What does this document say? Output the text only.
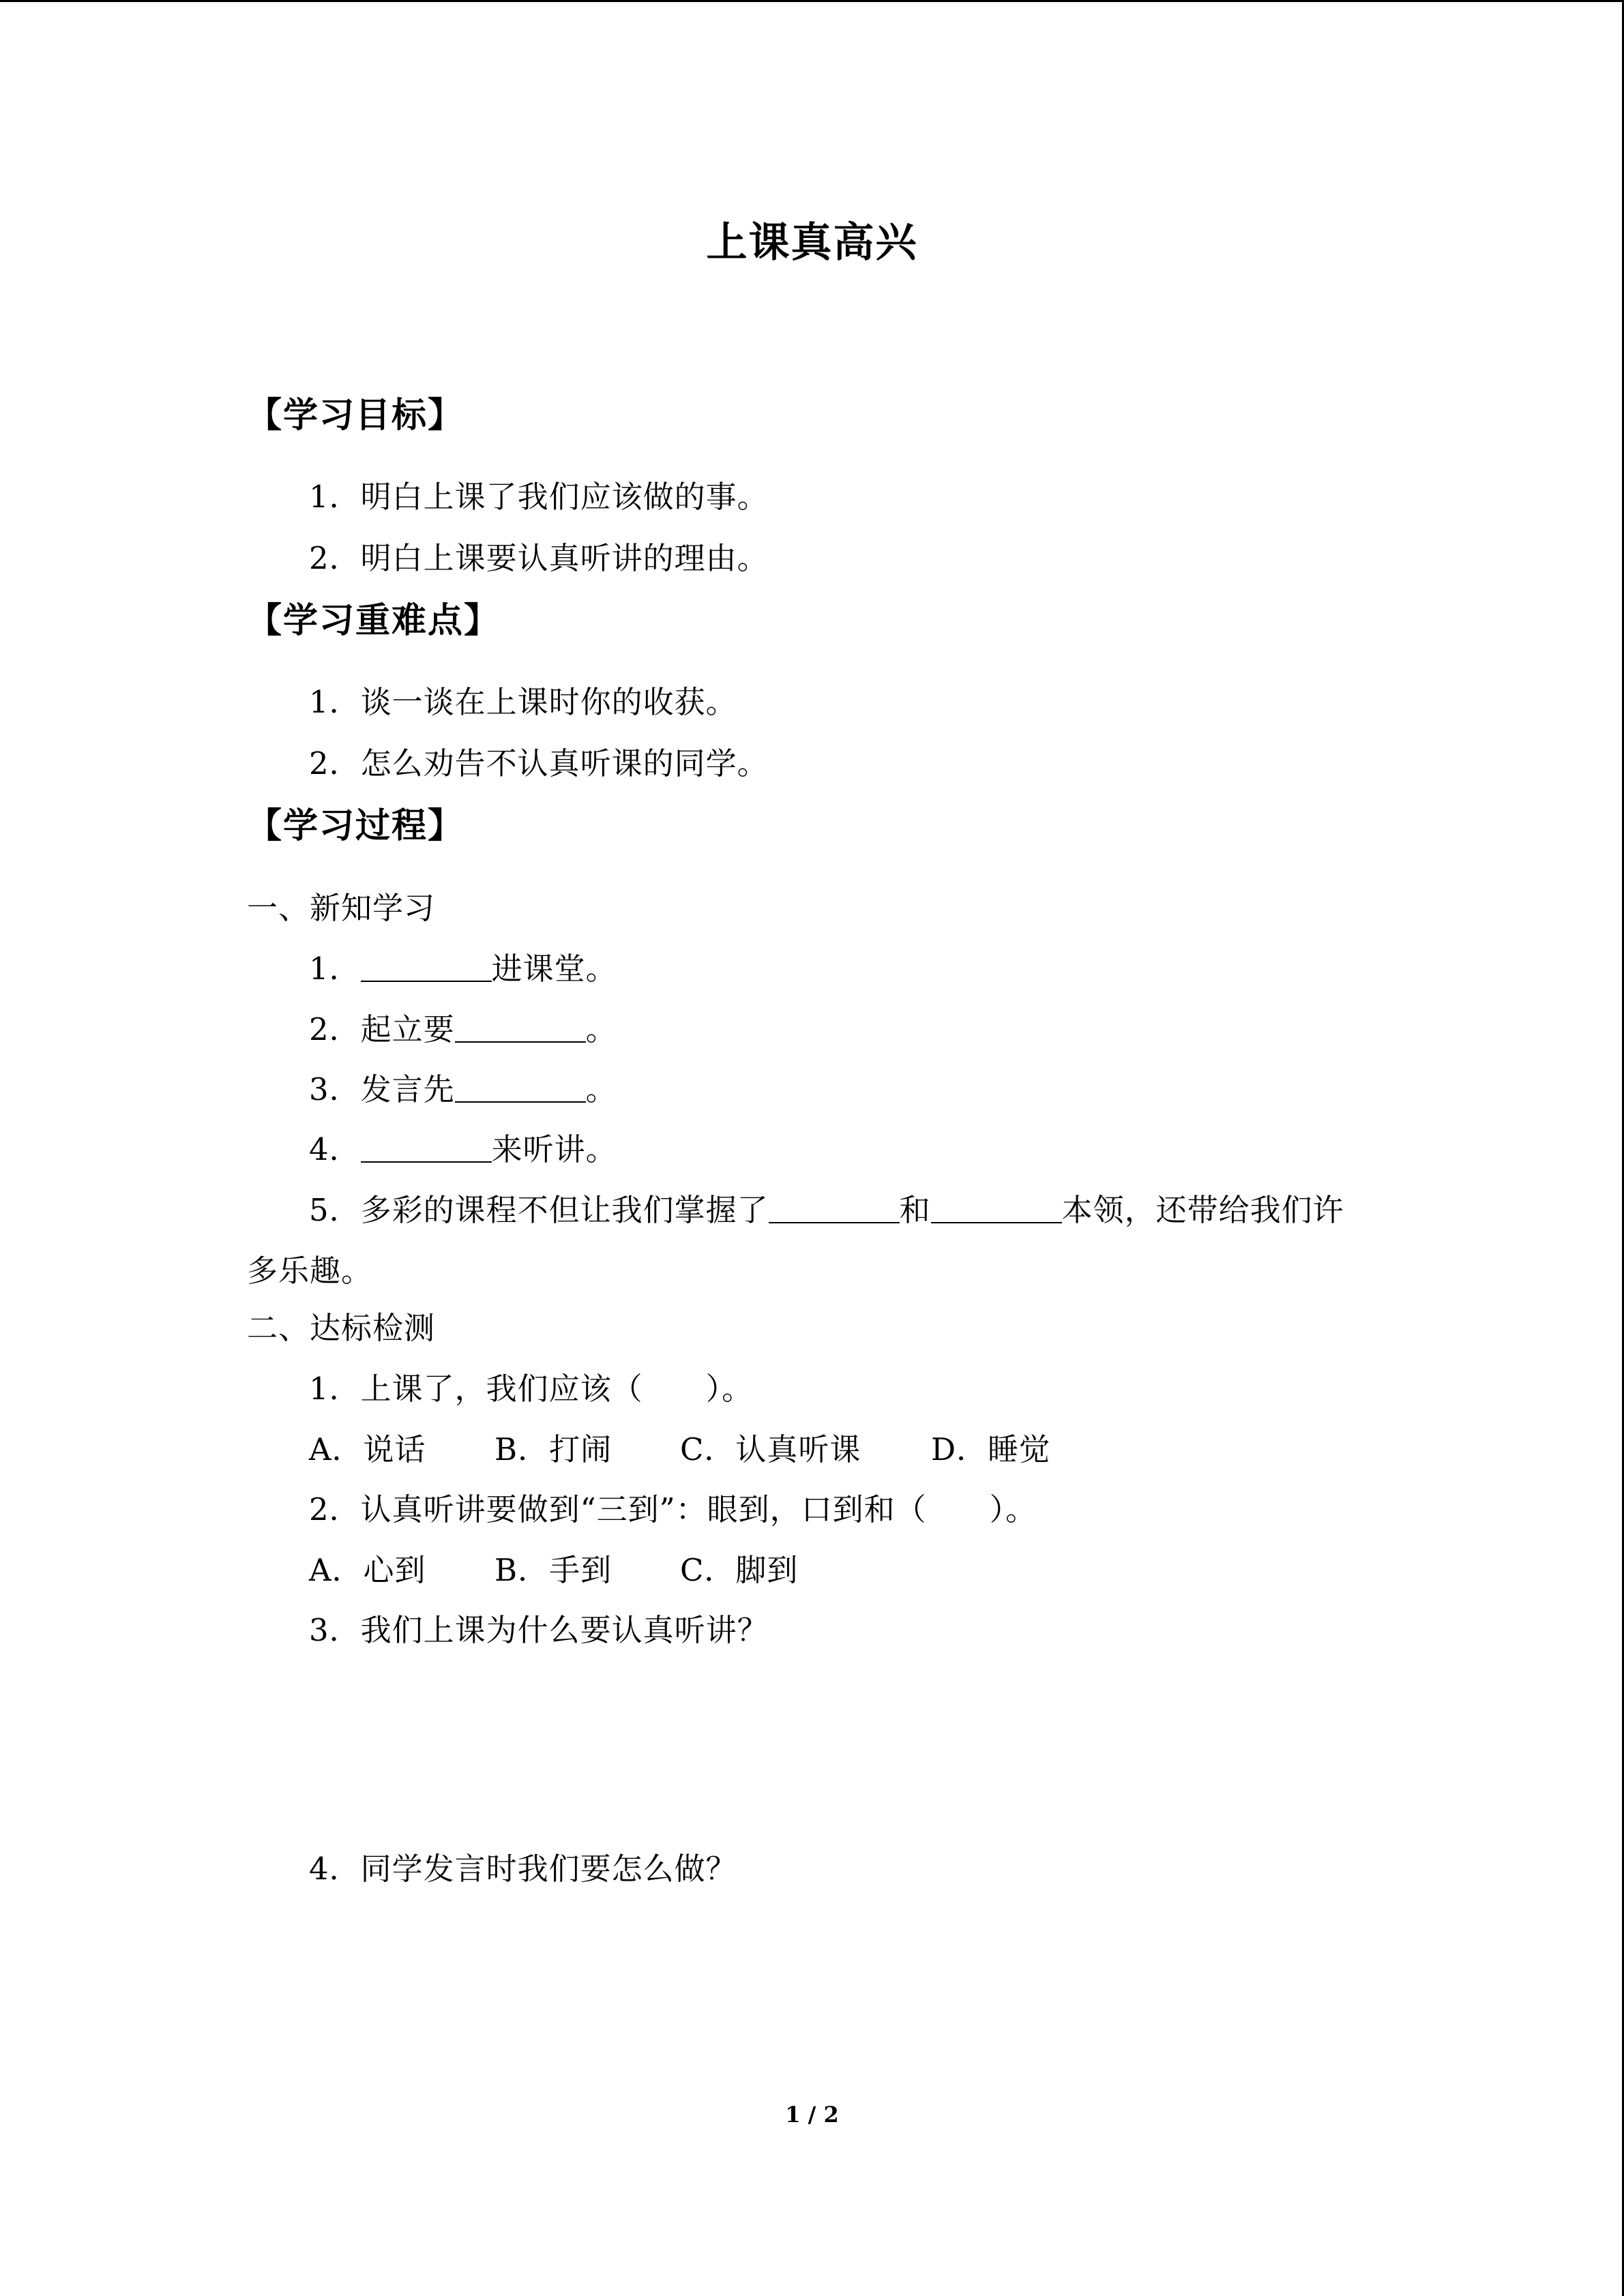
上课真高兴
【学习目标】
1．明白上课了我们应该做的事。
2．明白上课要认真听讲的理由。
【学习重难点】
1．谈一谈在上课时你的收获。
2．怎么劝告不认真听课的同学。
【学习过程】
一、新知学习
1．	进课堂。
2．起立要	。
3．发言先	。
4．	来听讲。
5．多彩的课程不但让我们掌握了	和	本领，还带给我们许
多乐趣。
二、达标检测
1．上课了，我们应该（　　）。
A．说话 B．打闹 C．认真听课 D．睡觉
2．认真听讲要做到“三到”：眼到，口到和（　　）。
A．心到 B．手到 C．脚到
3．我们上课为什么要认真听讲？
4．同学发言时我们要怎么做？
1 / 2
